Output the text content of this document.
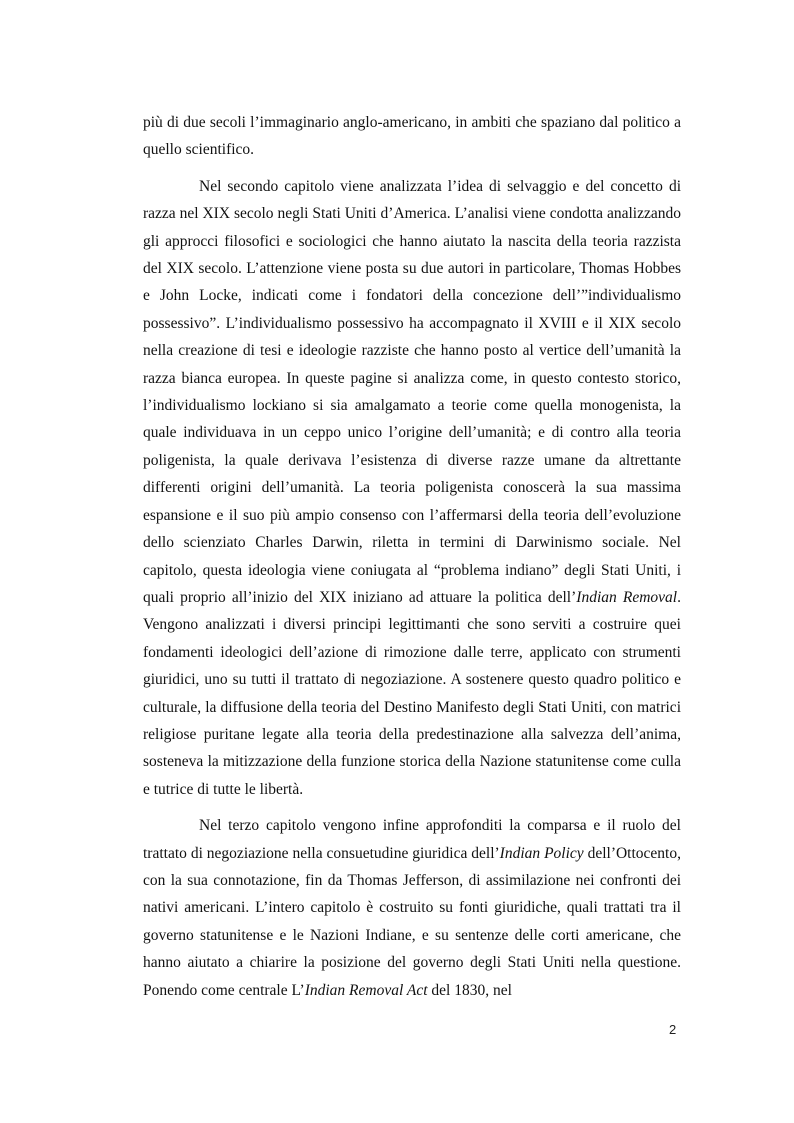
più di due secoli l’immaginario anglo-americano, in ambiti che spaziano dal politico a quello scientifico.

Nel secondo capitolo viene analizzata l’idea di selvaggio e del concetto di razza nel XIX secolo negli Stati Uniti d’America. L’analisi viene condotta analizzando gli approcci filosofici e sociologici che hanno aiutato la nascita della teoria razzista del XIX secolo. L’attenzione viene posta su due autori in particolare, Thomas Hobbes e John Locke, indicati come i fondatori della concezione dell’”individualismo possessivo”. L’individualismo possessivo ha accompagnato il XVIII e il XIX secolo nella creazione di tesi e ideologie razziste che hanno posto al vertice dell’umanità la razza bianca europea. In queste pagine si analizza come, in questo contesto storico, l’individualismo lockiano si sia amalgamato a teorie come quella monogenista, la quale individuava in un ceppo unico l’origine dell’umanità; e di contro alla teoria poligenista, la quale derivava l’esistenza di diverse razze umane da altrettante differenti origini dell’umanità. La teoria poligenista conoscerà la sua massima espansione e il suo più ampio consenso con l’affermarsi della teoria dell’evoluzione dello scienziato Charles Darwin, riletta in termini di Darwinismo sociale. Nel capitolo, questa ideologia viene coniugata al “problema indiano” degli Stati Uniti, i quali proprio all’inizio del XIX iniziano ad attuare la politica dell’Indian Removal. Vengono analizzati i diversi principi legittimanti che sono serviti a costruire quei fondamenti ideologici dell’azione di rimozione dalle terre, applicato con strumenti giuridici, uno su tutti il trattato di negoziazione. A sostenere questo quadro politico e culturale, la diffusione della teoria del Destino Manifesto degli Stati Uniti, con matrici religiose puritane legate alla teoria della predestinazione alla salvezza dell’anima, sosteneva la mitizzazione della funzione storica della Nazione statunitense come culla e tutrice di tutte le libertà.

Nel terzo capitolo vengono infine approfonditi la comparsa e il ruolo del trattato di negoziazione nella consuetudine giuridica dell’Indian Policy dell’Ottocento, con la sua connotazione, fin da Thomas Jefferson, di assimilazione nei confronti dei nativi americani. L’intero capitolo è costruito su fonti giuridiche, quali trattati tra il governo statunitense e le Nazioni Indiane, e su sentenze delle corti americane, che hanno aiutato a chiarire la posizione del governo degli Stati Uniti nella questione. Ponendo come centrale L’Indian Removal Act del 1830, nel

2
